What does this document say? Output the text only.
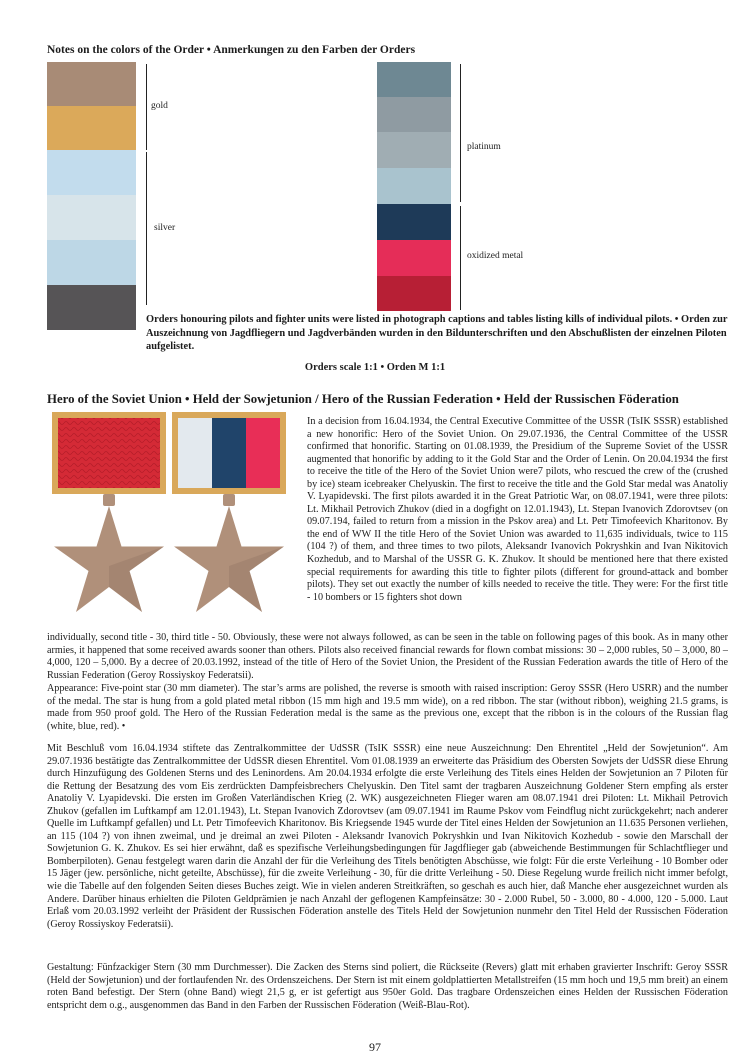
Notes on the colors of the Order • Anmerkungen zu den Farben der Orders
gold
silver
platinum
oxidized metal
Orders honouring pilots and fighter units were listed in photograph captions and tables listing kills of individual pilots. • Orden zur Auszeichnung von Jagdfliegern und Jagdverbänden wurden in den Bildunterschriften und den Abschußlisten der einzelnen Piloten aufgelistet.
Orders scale 1:1 • Orden M 1:1
Hero of the Soviet Union • Held der Sowjetunion / Hero of the Russian Federation • Held der Russischen Föderation

In a decision from 16.04.1934, the Central Executive Committee of the USSR (TsIK SSSR) established a new honorific: Hero of the Soviet Union. On 29.07.1936, the Central Committee of the USSR confirmed that honorific. Starting on 01.08.1939, the Presidium of the Supreme Soviet of the USSR augmented that honorific by adding to it the Gold Star and the Order of Lenin. On 20.04.1934 the first to receive the title of the Hero of the Soviet Union were7 pilots, who rescued the crew of the (crushed by ice) steam icebreaker Chelyuskin. The first to receive the title and the Gold Star medal was Anatoliy V. Lyapidevski. The first pilots awarded it in the Great Patriotic War, on 08.07.1941, were three pilots: Lt. Mikhail Petrovich Zhukov (died in a dogfight on 12.01.1943), Lt. Stepan Ivanovich Zdorovtsev (on 09.07.194, failed to return from a mission in the Pskov area) and Lt. Petr Timofeevich Kharitonov. By the end of WW II the title Hero of the Soviet Union was awarded to 11,635 individuals, twice to 115 (104 ?) of them, and three times to two pilots, Aleksandr Ivanovich Pokryshkin and Ivan Nikitovich Kozhedub, and to Marshal of the USSR G. K. Zhukov. It should be mentioned here that there existed special requirements for awarding this title to fighter pilots (different for ground-attack and bomber pilots). They set out exactly the number of kills needed to receive the title. They were: For the first title - 10 bombers or 15 fighters shot down

individually, second title - 30, third title - 50. Obviously, these were not always followed, as can be seen in the table on following pages of this book. As in many other armies, it happened that some received awards sooner than others. Pilots also received financial rewards for flown combat missions: 30 – 2,000 rubles, 50 – 3,000, 80 – 4,000, 120 – 5,000. By a decree of 20.03.1992, instead of the title of Hero of the Soviet Union, the President of the Russian Federation awards the title of Hero of the Russian Federation (Geroy Rossiyskoy Federatsii).

Appearance: Five-point star (30 mm diameter). The star’s arms are polished, the reverse is smooth with raised inscription: Geroy SSSR (Hero USRR) and the number of the medal. The star is hung from a gold plated metal ribbon (15 mm high and 19.5 mm wide), on a red ribbon. The star (without ribbon), weighing 21.5 grams, is made from 950 proof gold. The Hero of the Russian Federation medal is the same as the previous one, except that the ribbon is in the colours of the Russian flag (white, blue, red). •

Mit Beschluß vom 16.04.1934 stiftete das Zentralkommittee der UdSSR (TsIK SSSR) eine neue Auszeichnung: Den Ehrentitel „Held der Sowjetunion“. Am 29.07.1936 bestätigte das Zentralkommittee der UdSSR diesen Ehrentitel. Vom 01.08.1939 an erweiterte das Präsidium des Obersten Sowjets der UdSSR diese Ehrung durch Hinzufügung des Goldenen Sterns und des Leninordens. Am 20.04.1934 erfolgte die erste Verleihung des Titels eines Helden der Sowjetunion an 7 Piloten für die Rettung der Besatzung des vom Eis zerdrückten Dampfeisbrechers Chelyuskin. Den Titel samt der tragbaren Auszeichnung Goldener Stern empfing als erster Anatoliy V. Lyapidevski. Die ersten im Großen Vaterländischen Krieg (2. WK) ausgezeichneten Flieger waren am 08.07.1941 drei Piloten: Lt. Mikhail Petrovich Zhukov (gefallen im Luftkampf am 12.01.1943), Lt. Stepan Ivanovich Zdorovtsev (am 09.07.1941 im Raume Pskov vom Feindflug nicht zurückgekehrt; nach anderer Quelle im Luftkampf gefallen) und Lt. Petr Timofeevich Kharitonov. Bis Kriegsende 1945 wurde der Titel eines Helden der Sowjetunion an 11.635 Personen verliehen, an 115 (104 ?) von ihnen zweimal, und je dreimal an zwei Piloten - Aleksandr Ivanovich Pokryshkin und Ivan Nikitovich Kozhedub - sowie den Marschall der Sowjetunion G. K. Zhukov. Es sei hier erwähnt, daß es spezifische Verleihungsbedingungen für Jagdflieger gab (abweichende Bestimmungen für Schlachtflieger und Bomberpiloten). Genau festgelegt waren darin die Anzahl der für die Verleihung des Titels benötigten Abschüsse, wie folgt: Für die erste Verleihung - 10 Bomber oder 15 Jäger (jew. persönliche, nicht geteilte, Abschüsse), für die zweite Verleihung - 30, für die dritte Verleihung - 50. Diese Regelung wurde freilich nicht immer befolgt, wie die Tabelle auf den folgenden Seiten dieses Buches zeigt. Wie in vielen anderen Streitkräften, so geschah es auch hier, daß Manche eher ausgezeichnet wurden als Andere. Darüber hinaus erhielten die Piloten Geldprämien je nach Anzahl der geflogenen Kampfeinsätze: 30 - 2.000 Rubel, 50 - 3.000, 80 - 4.000, 120 - 5.000. Laut Erlaß vom 20.03.1992 verleiht der Präsident der Russischen Föderation anstelle des Titels Held der Sowjetunion nunmehr den Titel Held der Russischen Föderation (Geroy Rossiyskoy Federatsii).

Gestaltung: Fünfzackiger Stern (30 mm Durchmesser). Die Zacken des Sterns sind poliert, die Rückseite (Revers) glatt mit erhaben gravierter Inschrift: Geroy SSSR (Held der Sowjetunion) und der fortlaufenden Nr. des Ordenszeichens. Der Stern ist mit einem goldplattierten Metallstreifen (15 mm hoch und 19,5 mm breit) an einem roten Band befestigt. Der Stern (ohne Band) wiegt 21,5 g, er ist gefertigt aus 950er Gold. Das tragbare Ordenszeichen eines Helden der Russischen Föderation entspricht dem o.g., ausgenommen das Band in den Farben der Russischen Föderation (Weiß-Blau-Rot).

97
